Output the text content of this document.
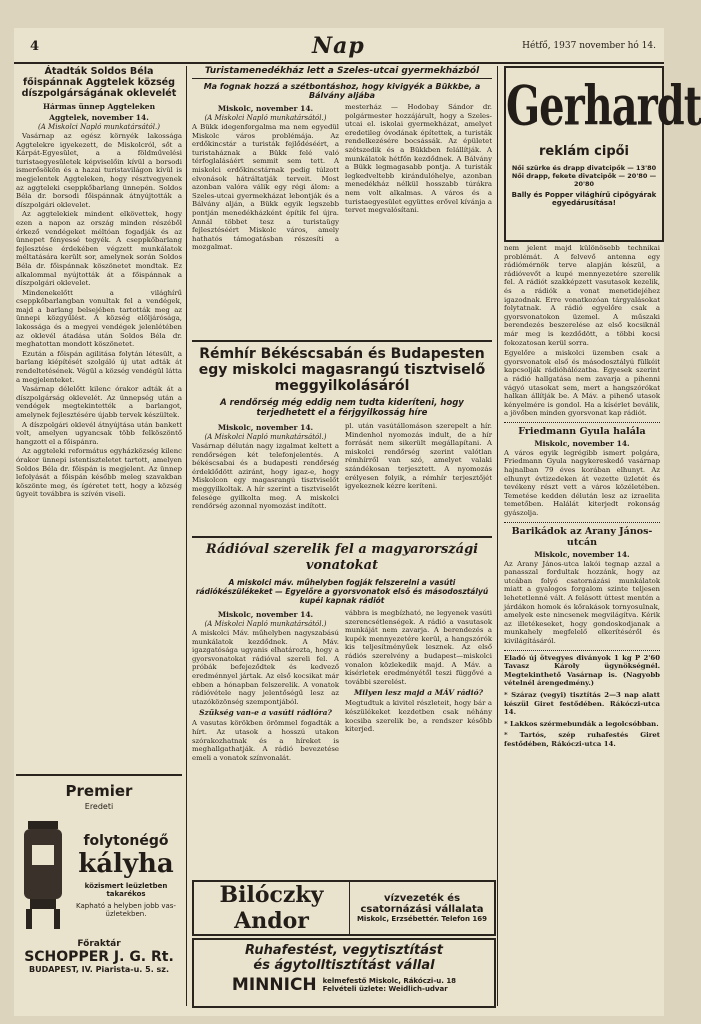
4	Nap	Hétfő, 1937 november hó 14.
Átadták Soldos Béla főispánnak Aggtelek község díszpolgárságának oklevelét
Hármas ünnep Aggteleken
Aggtelek, november 14.
(A Miskolci Napló munkatársától.)

Vasárnap az egész környék lakossága Aggtelekre igyekezett, de Miskolcról, sőt a Kárpát-Egyesület, a a földművelési turistaegyesületek képviselőin kívül a borsodi ismerősökön és a hazai turistavilágon kívül is megjelentek Aggteleken, hogy résztvegyenek az aggteleki cseppkőbarlang ünnepén. Soldos Béla dr. borsodi főispánnak átnyújtották a díszpolgári oklevelet.

Az aggtelekiek mindent elkövettek, hogy ezen a napon az ország minden részéből érkező vendégeket méltóan fogadják és az ünnepet fényessé tegyék. A cseppkőbarlang fejlesztése érdekében végzett munkálatok méltatására került sor, amelynek során Soldos Béla dr. főispánnak köszönetet mondtak. Ez alkalommal nyújtották át a főispánnak a díszpolgári oklevelet.

Mindenekelőtt a világhírű cseppkőbarlangban vonultak fel a vendégek, majd a barlang belsejében tartották meg az ünnepi közgyűlést. A község elöljárósága, lakossága és a megyei vendégek jelenlétében az oklevél átadása után Soldos Béla dr. meghatottan mondott köszönetet.

Ezután a főispán agilitása folytán létesült, a barlang kiépítését szolgáló új utat adták át rendeltetésének. Végül a község vendégül látta a megjelenteket.

Vasárnap délelőtt kilenc órakor adták át a díszpolgárság oklevelét. Az ünnepség után a vendégek megtekintették a barlangot, amelynek fejlesztésére újabb tervek készültek.

A díszpolgári oklevél átnyújtása után bankett volt, amelyen ugyancsak több felköszöntő hangzott el a főispánra.

Az aggteleki református egyházközség kilenc órakor ünnepi istentiszteletet tartott, amelyen Soldos Béla dr. főispán is megjelent. Az ünnep lefolyását a főispán később meleg szavakban köszönte meg, és ígéretet tett, hogy a község ügyeit továbbra is szívén viseli.

Premier
Eredeti
folytonégő
kályha
közismert leüzletben takarékos
Kapható a helyben jobb vas-üzletekben.
Főraktár
SCHOPPER J. G. Rt.
BUDAPEST, IV. Piarista-u. 5. sz.
Turistamenedékház lett a Szeles-utcai gyermekházból
Ma fognak hozzá a szétbontáshoz, hogy kivigyék a Bükkbe, a Bálvány aljába
Miskolc, november 14.
(A Miskolci Napló munkatársától.)
A Bükk idegenforgalma ma nem egyedül Miskolc város problémája. Az erdőkincstár a turisták fejlődéséért, a turistaháznak a Bükk felé való térfoglalásáért semmit sem tett. A miskolci erdőkincstárnak pedig túlzott elvonások hátráltatják terveit. Most azonban valóra válik egy régi álom: a Szeles-utcai gyermekházat lebontják és a Bálvány alján, a Bükk egyik legszebb pontján menedékházként építik fel újra. Annál többet tesz a turistaügy fejlesztéséért Miskolc város, amely hathatós támogatásban részesíti a mozgalmat.
mesterház — Hodobay Sándor dr. polgármester hozzájárult, hogy a Szeles-utcai el. iskolai gyermekházat, amelyet eredetileg óvodának építettek, a turisták rendelkezésére bocsássák. Az épületet szétszedik és a Bükkben felállítják. A munkálatok hétfőn kezdődnek. A Bálvány a Bükk legmagasabb pontja. A turisták legkedveltebb kirándulóhelye, azonban menedékház nélkül hosszabb túrákra nem volt alkalmas. A város és a turistaegyesület együttes erővel kívánja a tervet megvalósítani.
Rémhír Békéscsabán és Budapesten egy miskolci magasrangú tisztviselő meggyilkolásáról
A rendőrség még eddig nem tudta kideríteni, hogy terjedhetett el a férjgyilkosság híre
Miskolc, november 14.
(A Miskolci Napló munkatársától.)
Vasárnap délután nagy izgalmat keltett a rendőrségen két telefonjelentés. A békéscsabai és a budapesti rendőrség érdeklődött aziránt, hogy igaz-e, hogy Miskolcon egy magasrangú tisztviselőt meggyilkoltak. A hír szerint a tisztviselőt felesége gyilkolta meg. A miskolci rendőrség azonnal nyomozást indított.
pl. után vasútállomáson szerepelt a hír. Mindenhol nyomozás indult, de a hír forrását nem sikerült megállapítani. A miskolci rendőrség szerint valótlan rémhírről van szó, amelyet valaki szándékosan terjesztett. A nyomozás erélyesen folyik, a rémhír terjesztőjét igyekeznek kézre keríteni.
Rádióval szerelik fel a magyarországi vonatokat
A miskolci máv. műhelyben fogják felszerelni a vasúti rádiókészülékeket — Egyelőre a gyorsvonatok első és másodosztályú kupéi kapnak rádiót
Miskolc, november 14.
(A Miskolci Napló munkatársától.)
A miskolci Máv. műhelyben nagyszabású munkálatok kezdődnek. A Máv. igazgatósága ugyanis elhatározta, hogy a gyorsvonatokat rádióval szereli fel. A próbák befejeződtek és kedvező eredménnyel jártak. Az első kocsikat már ebben a hónapban felszerelik. A vonatok rádióvétele nagy jelentőségű lesz az utazóközönség szempontjából.
Szükség van-e a vasúti rádióra?
A vasutas körökben örömmel fogadták a hírt. Az utasok a hosszú utakon szórakozhatnak és a híreket is meghallgathatják. A rádió bevezetése emeli a vonatok színvonalát.
vábbra is megbízható, ne legyenek vasúti szerencsétlenségek. A rádió a vasutasok munkáját nem zavarja. A berendezés a kupék mennyezetére kerül, a hangszórók kis teljesítményűek lesznek. Az első rádiós szerelvény a budapest—miskolci vonalon közlekedik majd. A Máv. a kísérletek eredményétől teszi függővé a további szerelést.
Milyen lesz majd a MÁV rádió?
Megtudtuk a kivitel részleteit, hogy bár a készülékeket kezdetben csak néhány kocsiba szerelik be, a rendszer később kiterjed.
Bilóczky Andor
vízvezeték és
csatornázási vállalata
Miskolc, Erzsébettér. Telefon 169
Ruhafestést, vegytisztítást
és ágytolltisztítást vállal
MINNICH kelmefestő Miskolc, Rákóczi-u. 18
Felvételi üzlete: Weidlich-udvar
Gerhardt
reklám cipői
Női szürke és drapp divatcipők — 13'80
Női drapp, fekete divatcipők — 20'80 — 20'80
Bally és Popper világhírű cipőgyárak egyedárusítása!
nem jelent majd különösebb technikai problémát. A felvevő antenna egy rádiómérnök terve alapján készül, a rádióvevőt a kupé mennyezetére szerelik fel. A rádiót szakképzett vasutasok kezelik, és a rádiók a vonat menetidejéhez igazodnak. Erre vonatkozóan tárgyalásokat folytatnak. A rádió egyelőre csak a gyorsvonatokon üzemel. A műszaki berendezés beszerelése az első kocsiknál már meg is kezdődött, a többi kocsi fokozatosan kerül sorra.
Egyelőre a miskolci üzemben csak a gyorsvonatok első és másodosztályú fülkéit kapcsolják rádióhálózatba. Egyesek szerint a rádió hallgatása nem zavarja a pihenni vágyó utasokat sem, mert a hangszórókat halkan állítják be. A Máv. a pihenő utasok kényelmére is gondol. Ha a kísérlet beválik, a jövőben minden gyorsvonat kap rádiót.
Friedmann Gyula halála
Miskolc, november 14.
A város egyik legrégibb ismert polgára, Friedmann Gyula nagykereskedő vasárnap hajnalban 79 éves korában elhunyt. Az elhunyt évtizedeken át vezette üzletét és tevékeny részt vett a város közéletében. Temetése kedden délután lesz az izraelita temetőben. Halálát kiterjedt rokonság gyászolja.
Barikádok az Arany János-utcán
Miskolc, november 14.
Az Arany János-utca lakói tegnap azzal a panasszal fordultak hozzánk, hogy az utcában folyó csatornázási munkálatok miatt a gyalogos forgalom szinte teljesen lehetetlenné vált. A felásott úttest mentén a járdákon homok és kőrakások tornyosulnak, amelyek este nincsenek megvilágítva. Kérik az illetékeseket, hogy gondoskodjanak a munkahely megfelelő elkerítéséről és kivilágításáról.
Eladó új ötvegyes diványok 1 kg P 2'60 Tavasz Károly ügynökségnél. Megtekinthető Vasárnap is. (Nagyobb vételnél árengedmény.)
* Száraz (vegyi) tisztítás 2—3 nap alatt készül Giret festődében. Rákóczi-utca 14.
* Lakkos szérmebundák a legolcsóbban.
* Tartós, szép ruhafestés Giret festődében, Rákóczi-utca 14.
